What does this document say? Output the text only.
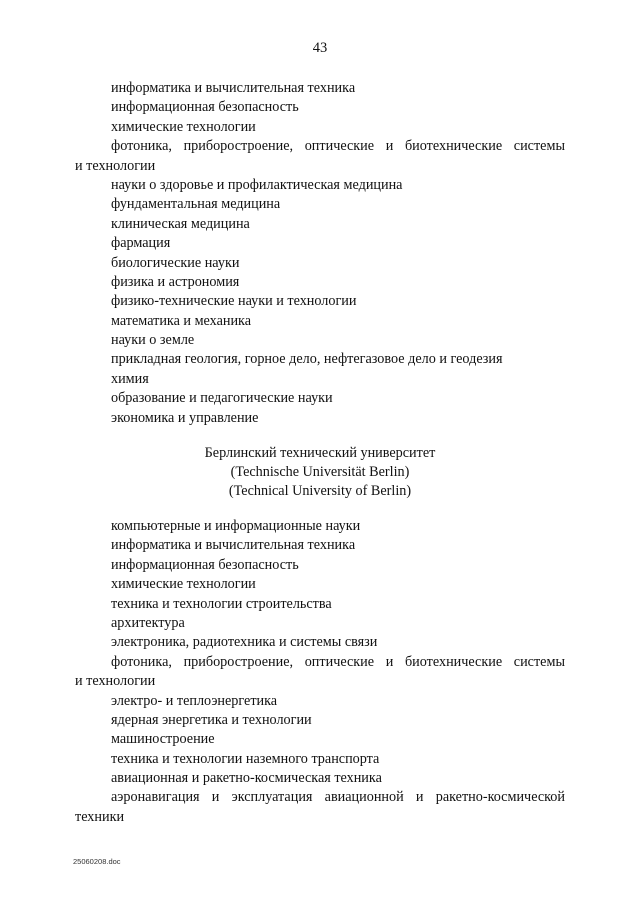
43
информатика и вычислительная техника
информационная безопасность
химические технологии
фотоника, приборостроение, оптические и биотехнические системы
и технологии
науки о здоровье и профилактическая медицина
фундаментальная медицина
клиническая медицина
фармация
биологические науки
физика и астрономия
физико-технические науки и технологии
математика и механика
науки о земле
прикладная геология, горное дело, нефтегазовое дело и геодезия
химия
образование и педагогические науки
экономика и управление
Берлинский технический университет
(Technische Universität Berlin)
(Technical University of Berlin)
компьютерные и информационные науки
информатика и вычислительная техника
информационная безопасность
химические технологии
техника и технологии строительства
архитектура
электроника, радиотехника и системы связи
фотоника, приборостроение, оптические и биотехнические системы
и технологии
электро- и теплоэнергетика
ядерная энергетика и технологии
машиностроение
техника и технологии наземного транспорта
авиационная и ракетно-космическая техника
аэронавигация и эксплуатация авиационной и ракетно-космической
техники
25060208.doc
